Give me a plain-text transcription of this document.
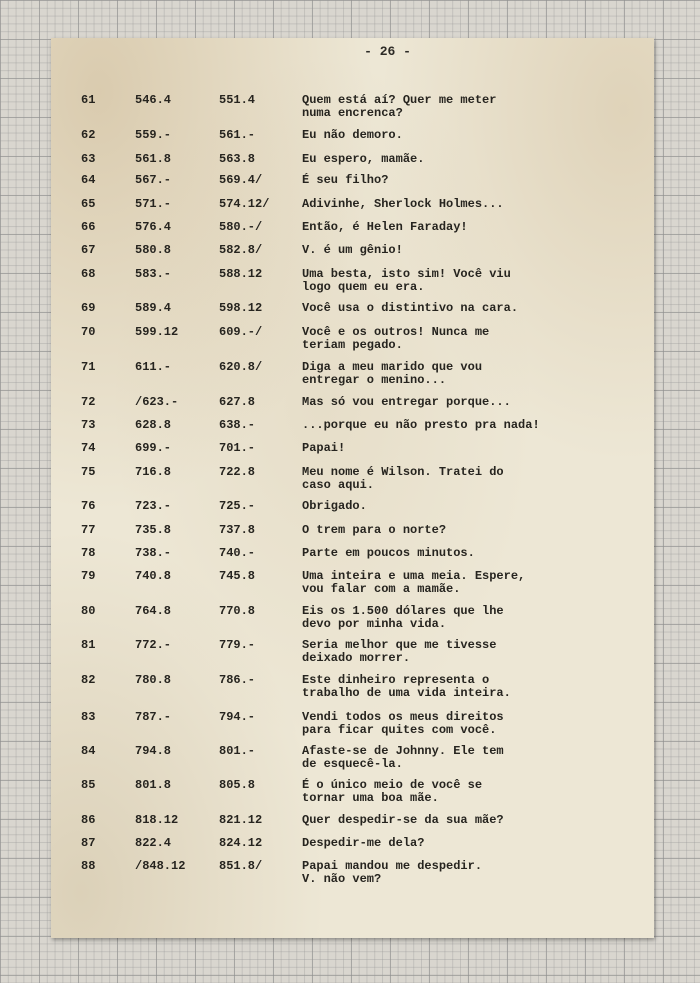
- 26 -
61	546.4	551.4	Quem está aí? Quer me meter
numa encrenca?
62	559.-	561.-	Eu não demoro.
63	561.8	563.8	Eu espero, mamãe.
64	567.-	569.4/	É seu filho?
65	571.-	574.12/	Adivinhe, Sherlock Holmes...
66	576.4	580.-/	Então, é Helen Faraday!
67	580.8	582.8/	V. é um gênio!
68	583.-	588.12	Uma besta, isto sim! Você viu
logo quem eu era.
69	589.4	598.12	Você usa o distintivo na cara.
70	599.12	609.-/	Você e os outros! Nunca me
teriam pegado.
71	611.-	620.8/	Diga a meu marido que vou
entregar o menino...
72	/623.-	627.8	Mas só vou entregar porque...
73	628.8	638.-	...porque eu não presto pra nada!
74	699.-	701.-	Papai!
75	716.8	722.8	Meu nome é Wilson. Tratei do
caso aqui.
76	723.-	725.-	Obrigado.
77	735.8	737.8	O trem para o norte?
78	738.-	740.-	Parte em poucos minutos.
79	740.8	745.8	Uma inteira e uma meia. Espere,
vou falar com a mamãe.
80	764.8	770.8	Eis os 1.500 dólares que lhe
devo por minha vida.
81	772.-	779.-	Seria melhor que me tivesse
deixado morrer.
82	780.8	786.-	Este dinheiro representa o
trabalho de uma vida inteira.
83	787.-	794.-	Vendi todos os meus direitos
para ficar quites com você.
84	794.8	801.-	Afaste-se de Johnny. Ele tem
de esquecê-la.
85	801.8	805.8	É o único meio de você se
tornar uma boa mãe.
86	818.12	821.12	Quer despedir-se da sua mãe?
87	822.4	824.12	Despedir-me dela?
88	/848.12	851.8/	Papai mandou me despedir.
V. não vem?
